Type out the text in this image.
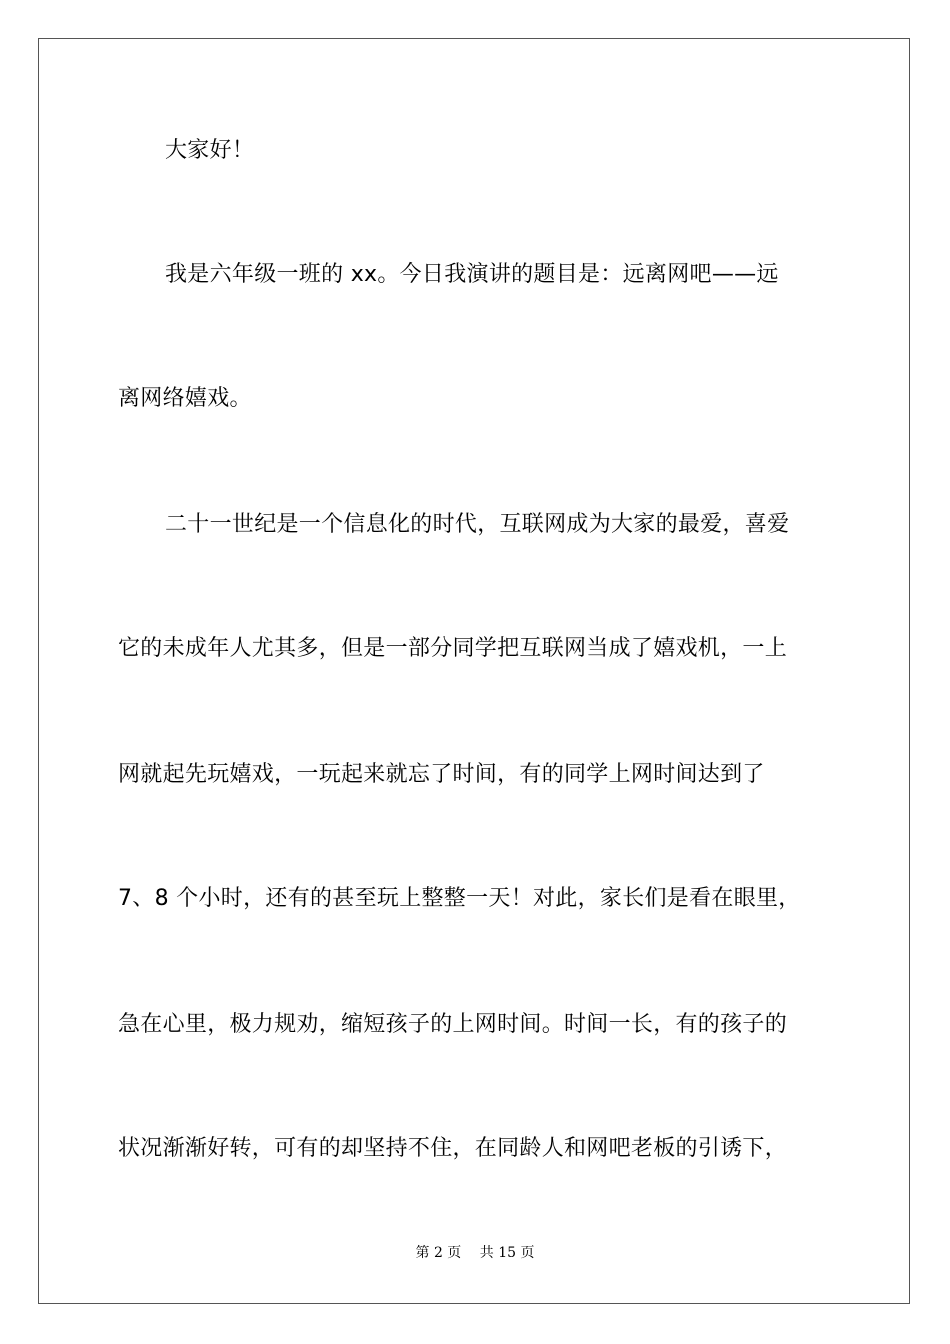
大家好！
我是六年级一班的 xx。今日我演讲的题目是：远离网吧——远
离网络嬉戏。
二十一世纪是一个信息化的时代，互联网成为大家的最爱，喜爱
它的未成年人尤其多，但是一部分同学把互联网当成了嬉戏机，一上
网就起先玩嬉戏，一玩起来就忘了时间，有的同学上网时间达到了
7、8 个小时，还有的甚至玩上整整一天！对此，家长们是看在眼里，
急在心里，极力规劝，缩短孩子的上网时间。时间一长，有的孩子的
状况渐渐好转，可有的却坚持不住，在同龄人和网吧老板的引诱下，
第 2 页　 共 15 页
